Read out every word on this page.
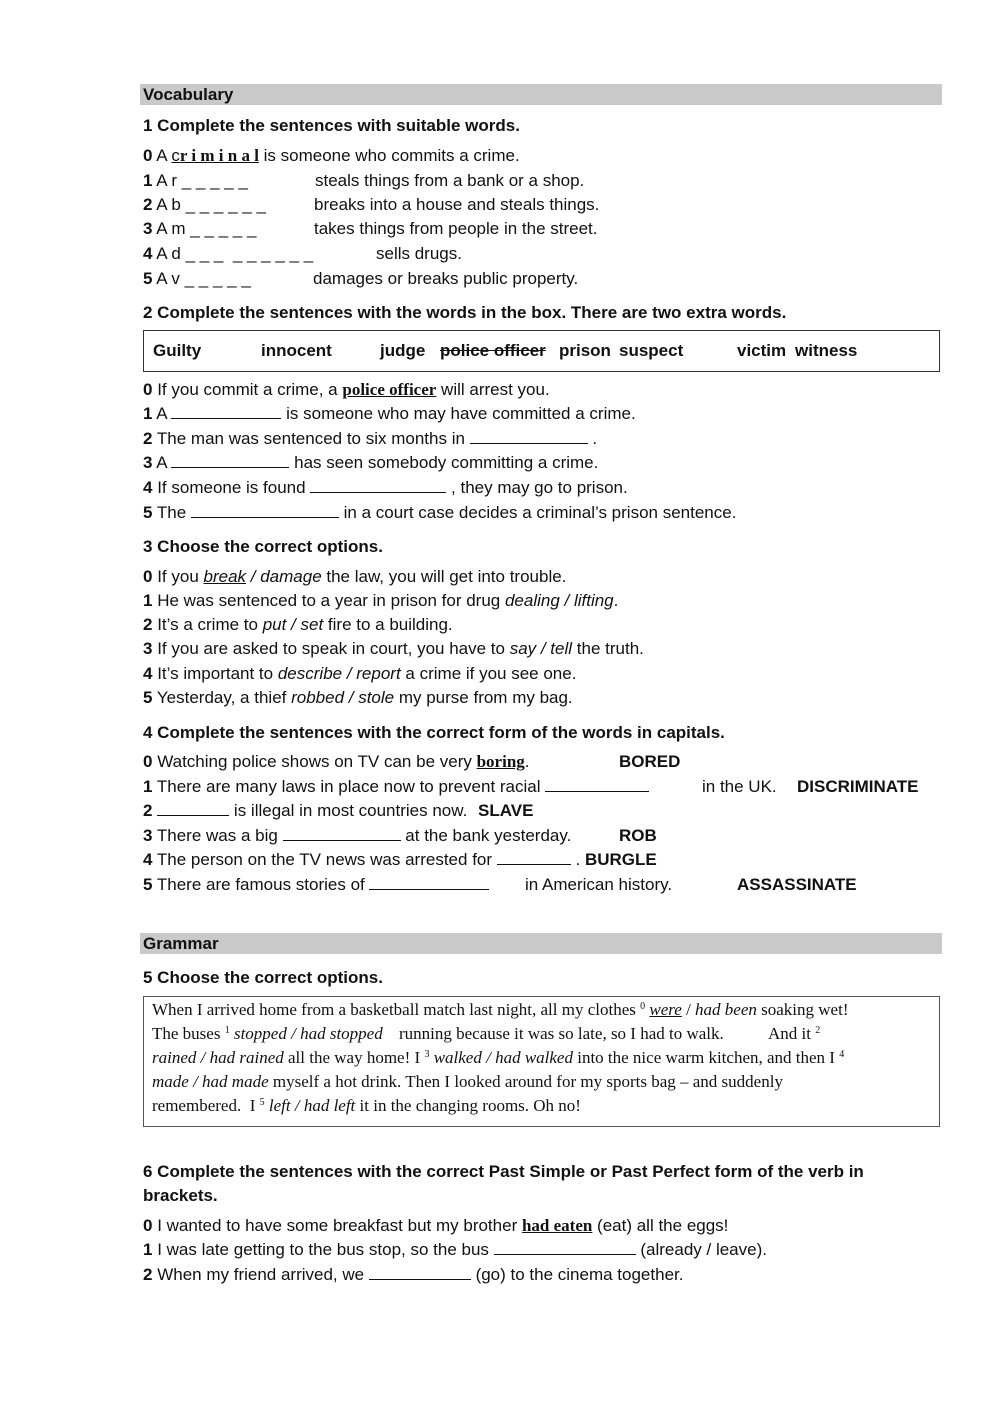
Vocabulary
1 Complete the sentences with suitable words.
0 A cr i m i n a l is someone who commits a crime.
1 A r _ _ _ _ _	steals things from a bank or a shop.
2 A b _ _ _ _ _ _	breaks into a house and steals things.
3 A m _ _ _ _ _	takes things from people in the street.
4 A d _ _ _  _ _ _ _ _ _	sells drugs.
5 A v _ _ _ _ _	damages or breaks public property.
2 Complete the sentences with the words in the box. There are two extra words.
Guilty	innocent	judge police officer prison suspect	victim witness
0 If you commit a crime, a police officer will arrest you.
1 A	is someone who may have committed a crime.
2 The man was sentenced to six months in	.
3 A	has seen somebody committing a crime.
4 If someone is found	, they may go to prison.
5 The	in a court case decides a criminal’s prison sentence.
3 Choose the correct options.
0 If you break / damage the law, you will get into trouble.
1 He was sentenced to a year in prison for drug dealing / lifting.
2 It’s a crime to put / set fire to a building.
3 If you are asked to speak in court, you have to say / tell the truth.
4 It’s important to describe / report a crime if you see one.
5 Yesterday, a thief robbed / stole my purse from my bag.
4 Complete the sentences with the correct form of the words in capitals.
0 Watching police shows on TV can be very boring.	BORED
1 There are many laws in place now to prevent racial	in the UK. DISCRIMINATE
2	is illegal in most countries now. SLAVE
3 There was a big	at the bank yesterday.	ROB
4 The person on the TV news was arrested for	. BURGLE
5 There are famous stories of	in American history.	ASSASSINATE
Grammar
5 Choose the correct options.
When I arrived home from a basketball match last night, all my clothes $^0$ were / had been soaking wet!
The buses $^1$ stopped / had stopped running because it was so late, so I had to walk.	And it $^2$
rained / had rained all the way home! I $^3$ walked / had walked into the nice warm kitchen, and then I $^4$
made / had made myself a hot drink. Then I looked around for my sports bag – and suddenly
remembered.  I $^5$ left / had left it in the changing rooms. Oh no!
6 Complete the sentences with the correct Past Simple or Past Perfect form of the verb in
brackets.
0 I wanted to have some breakfast but my brother had eaten (eat) all the eggs!
1 I was late getting to the bus stop, so the bus	(already / leave).
2 When my friend arrived, we	(go) to the cinema together.
